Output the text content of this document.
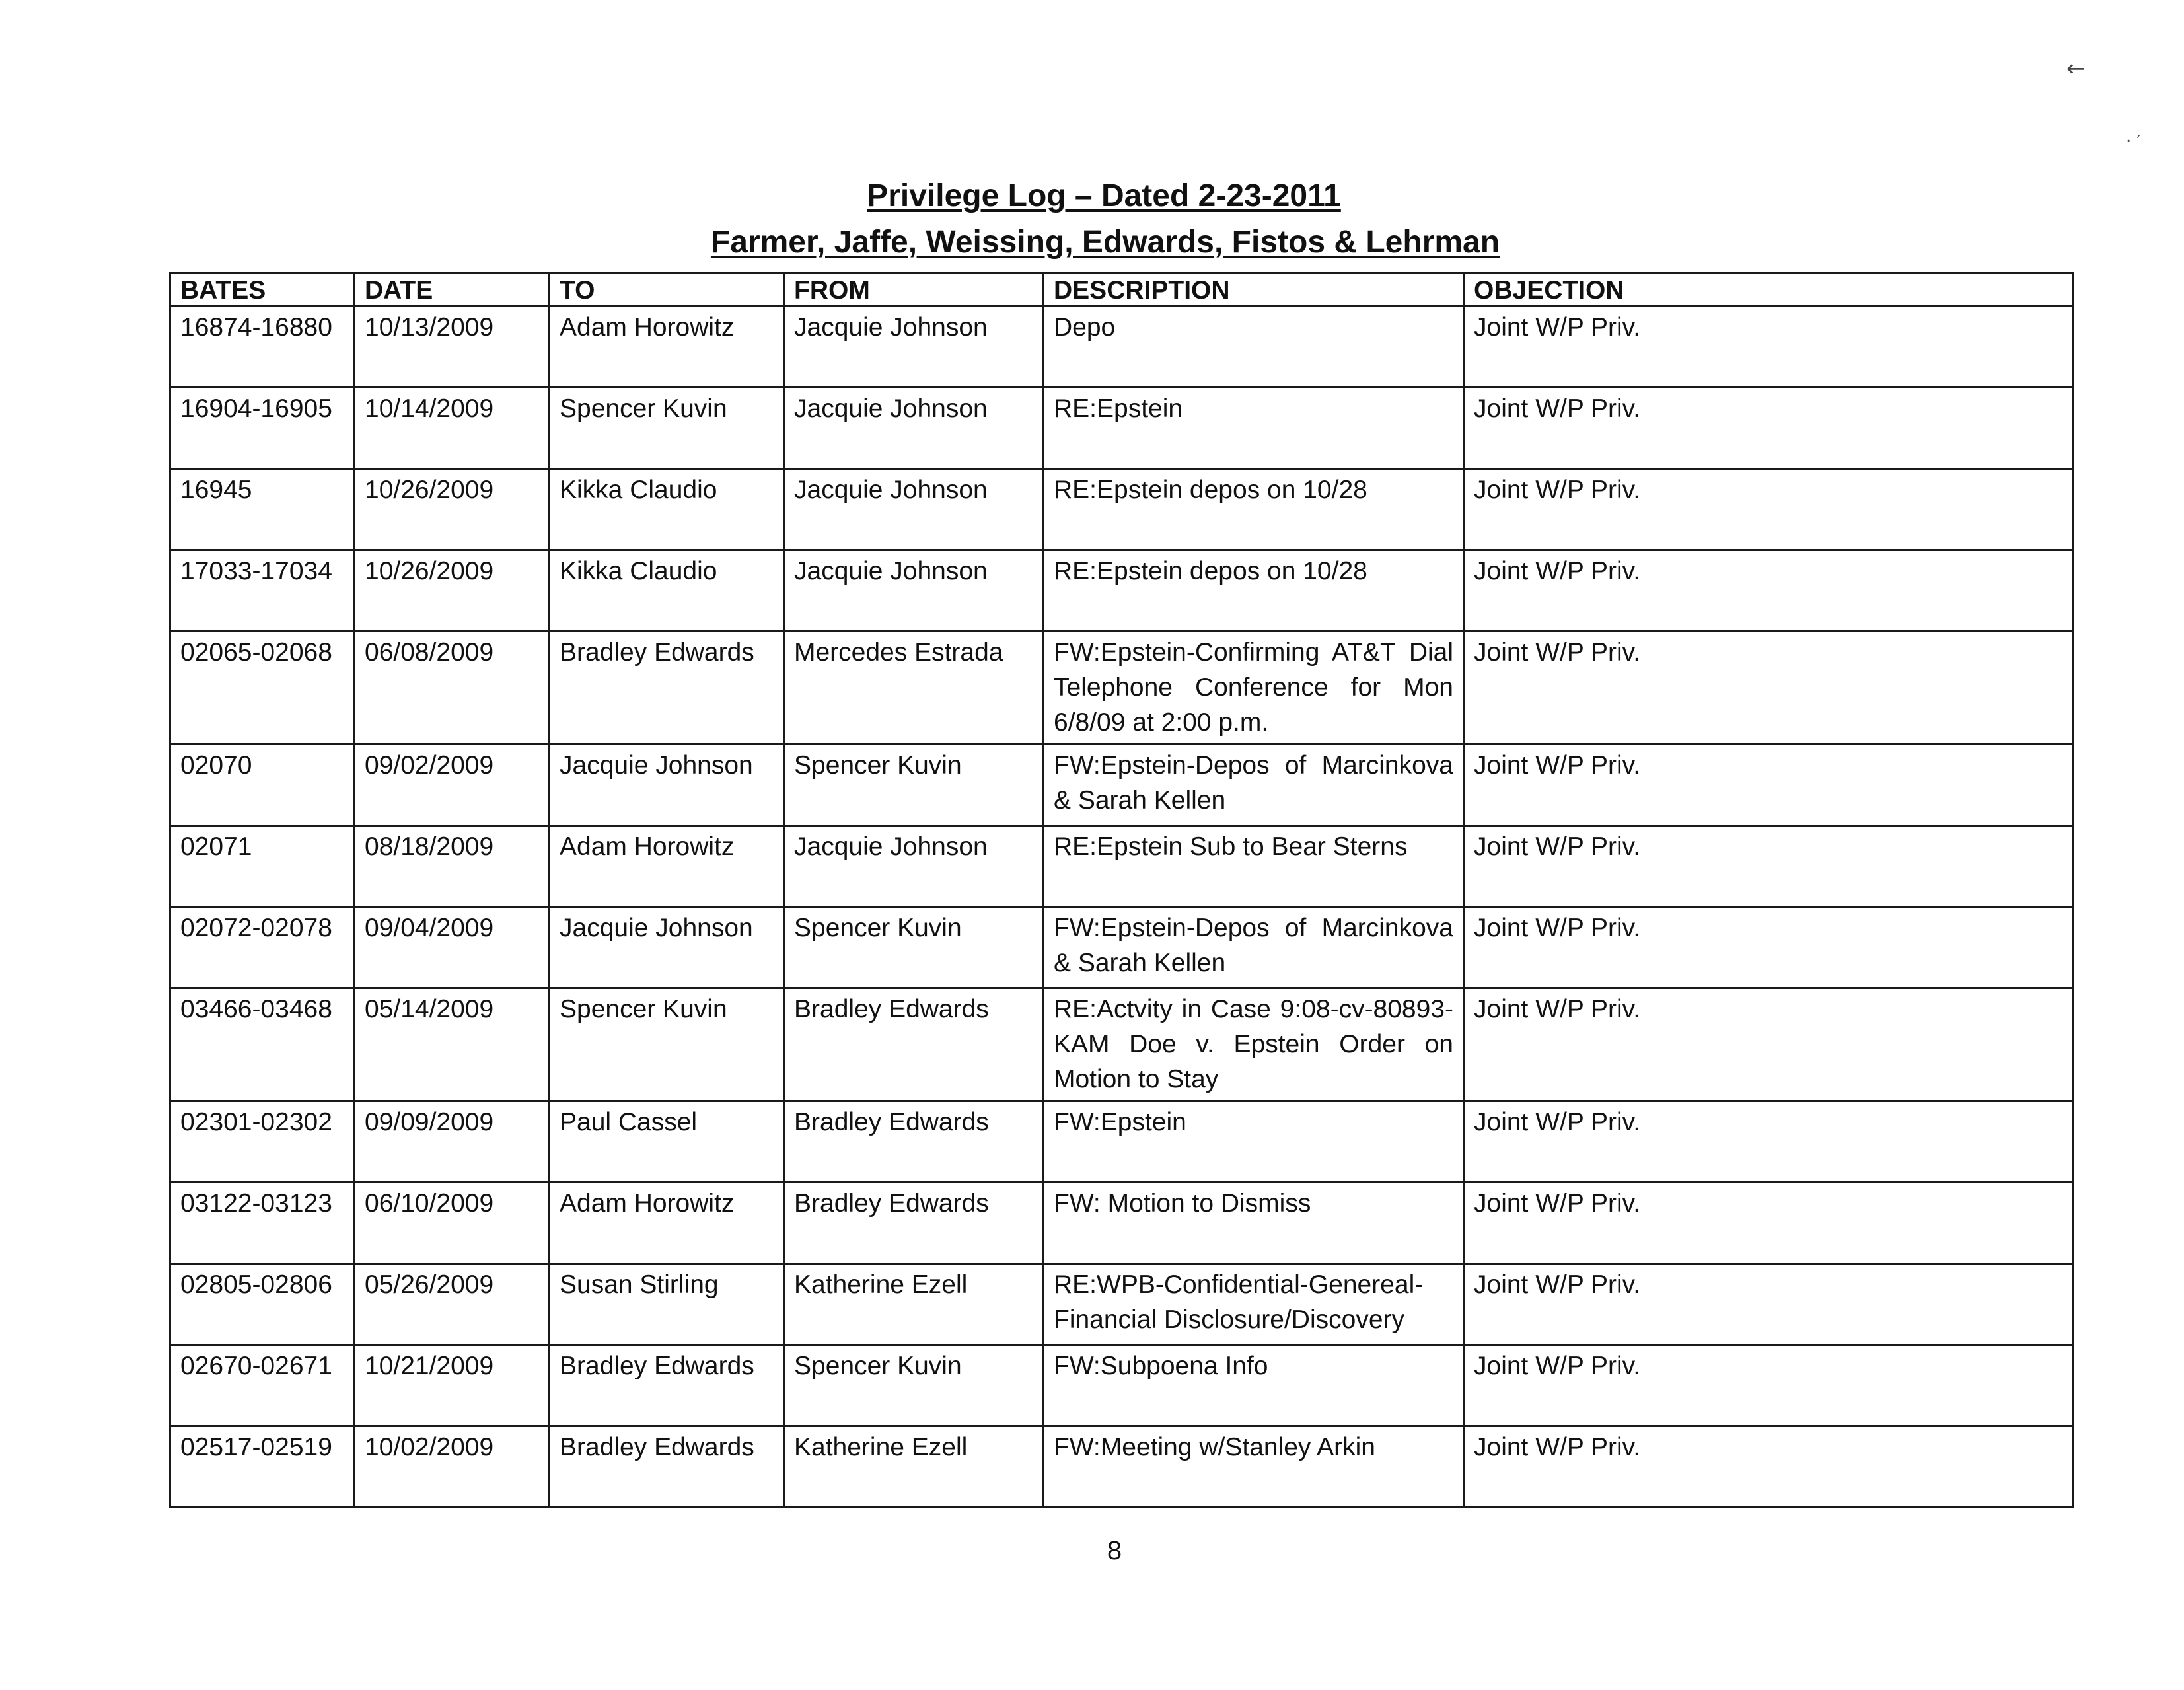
Privilege Log – Dated 2-23-2011
Farmer, Jaffe, Weissing, Edwards, Fistos & Lehrman
BATES	DATE	TO	FROM	DESCRIPTION	OBJECTION
16874-16880	10/13/2009	Adam Horowitz	Jacquie Johnson	Depo	Joint W/P Priv.
16904-16905	10/14/2009	Spencer Kuvin	Jacquie Johnson	RE:Epstein	Joint W/P Priv.
16945	10/26/2009	Kikka Claudio	Jacquie Johnson	RE:Epstein depos on 10/28	Joint W/P Priv.
17033-17034	10/26/2009	Kikka Claudio	Jacquie Johnson	RE:Epstein depos on 10/28	Joint W/P Priv.
02065-02068	06/08/2009	Bradley Edwards	Mercedes Estrada	FW:Epstein-Confirming AT&T Dial Telephone Conference for Mon 6/8/09 at 2:00 p.m.	Joint W/P Priv.
02070	09/02/2009	Jacquie Johnson	Spencer Kuvin	FW:Epstein-Depos of Marcinkova & Sarah Kellen	Joint W/P Priv.
02071	08/18/2009	Adam Horowitz	Jacquie Johnson	RE:Epstein Sub to Bear Sterns	Joint W/P Priv.
02072-02078	09/04/2009	Jacquie Johnson	Spencer Kuvin	FW:Epstein-Depos of Marcinkova & Sarah Kellen	Joint W/P Priv.
03466-03468	05/14/2009	Spencer Kuvin	Bradley Edwards	RE:Actvity in Case 9:08-cv-80893-KAM Doe v. Epstein Order on Motion to Stay	Joint W/P Priv.
02301-02302	09/09/2009	Paul Cassel	Bradley Edwards	FW:Epstein	Joint W/P Priv.
03122-03123	06/10/2009	Adam Horowitz	Bradley Edwards	FW: Motion to Dismiss	Joint W/P Priv.
02805-02806	05/26/2009	Susan Stirling	Katherine Ezell	RE:WPB-Confidential-Genereal-Financial Disclosure/Discovery	Joint W/P Priv.
02670-02671	10/21/2009	Bradley Edwards	Spencer Kuvin	FW:Subpoena Info	Joint W/P Priv.
02517-02519	10/02/2009	Bradley Edwards	Katherine Ezell	FW:Meeting w/Stanley Arkin	Joint W/P Priv.
8
←
‧ ′
